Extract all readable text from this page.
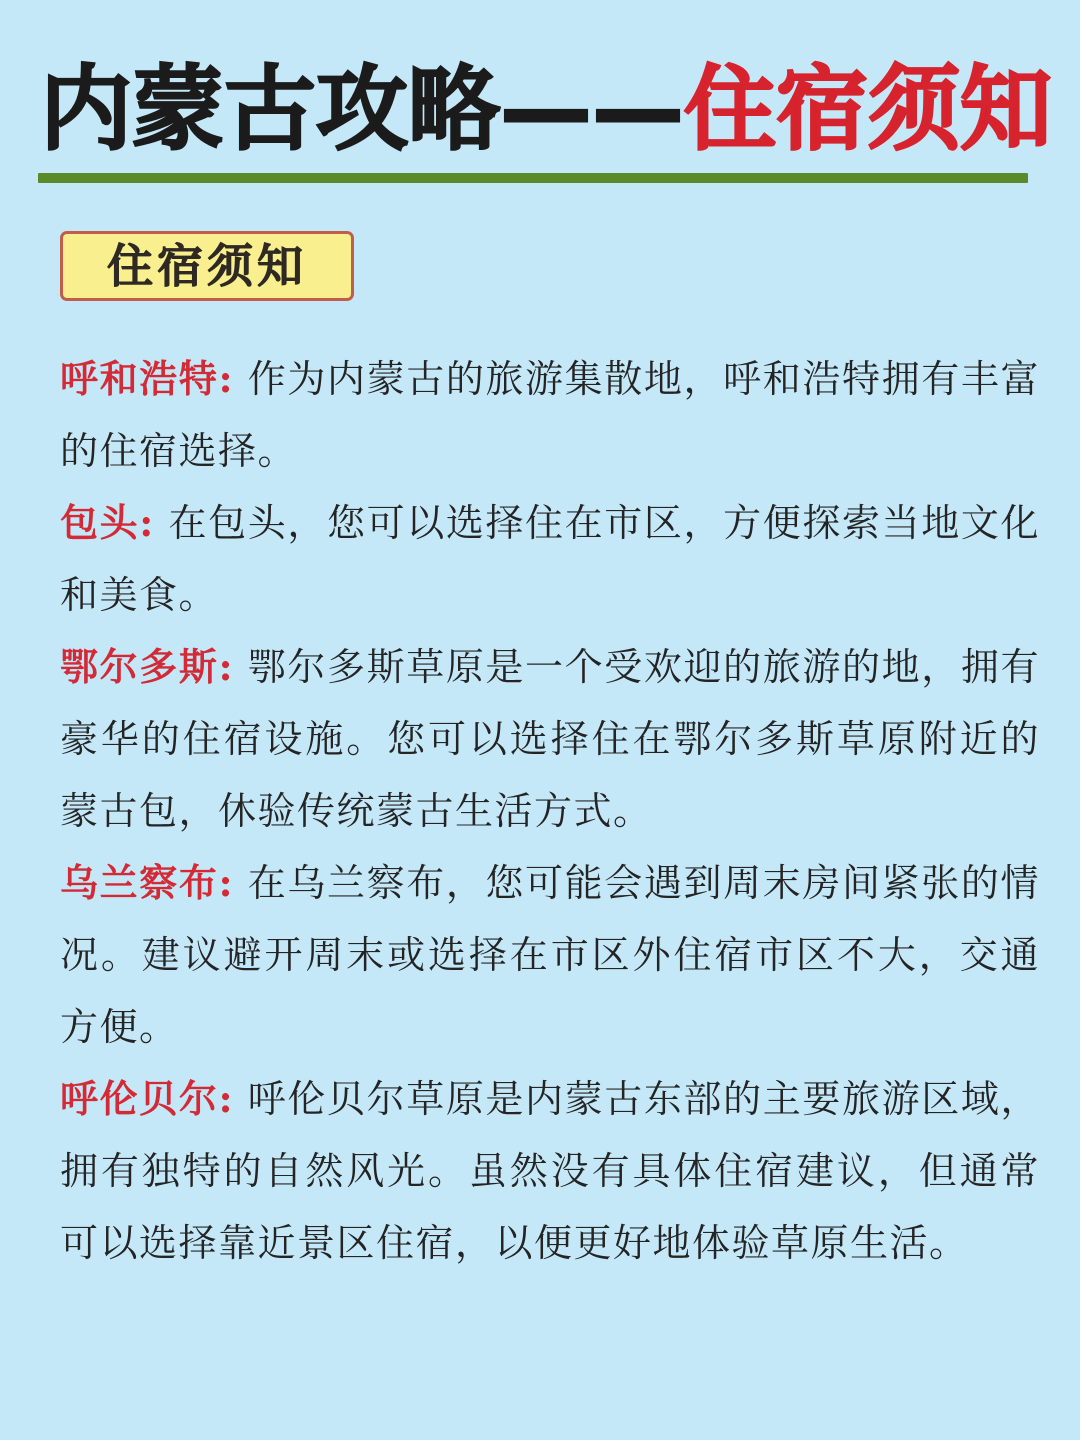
内蒙古攻略——住宿须知
住宿须知

呼和浩特: 作为内蒙古的旅游集散地，呼和浩特拥有丰富的住宿选择。

包头: 在包头，您可以选择住在市区，方便探索当地文化和美食。

鄂尔多斯: 鄂尔多斯草原是一个受欢迎的旅游的地，拥有豪华的住宿设施。您可以选择住在鄂尔多斯草原附近的蒙古包，休验传统蒙古生活方式。

乌兰察布: 在乌兰察布，您可能会遇到周末房间紧张的情况。建议避开周末或选择在市区外住宿市区不大，交通方便。

呼伦贝尔: 呼伦贝尔草原是内蒙古东部的主要旅游区域，拥有独特的自然风光。虽然没有具体住宿建议，但通常可以选择靠近景区住宿，以便更好地体验草原生活。
